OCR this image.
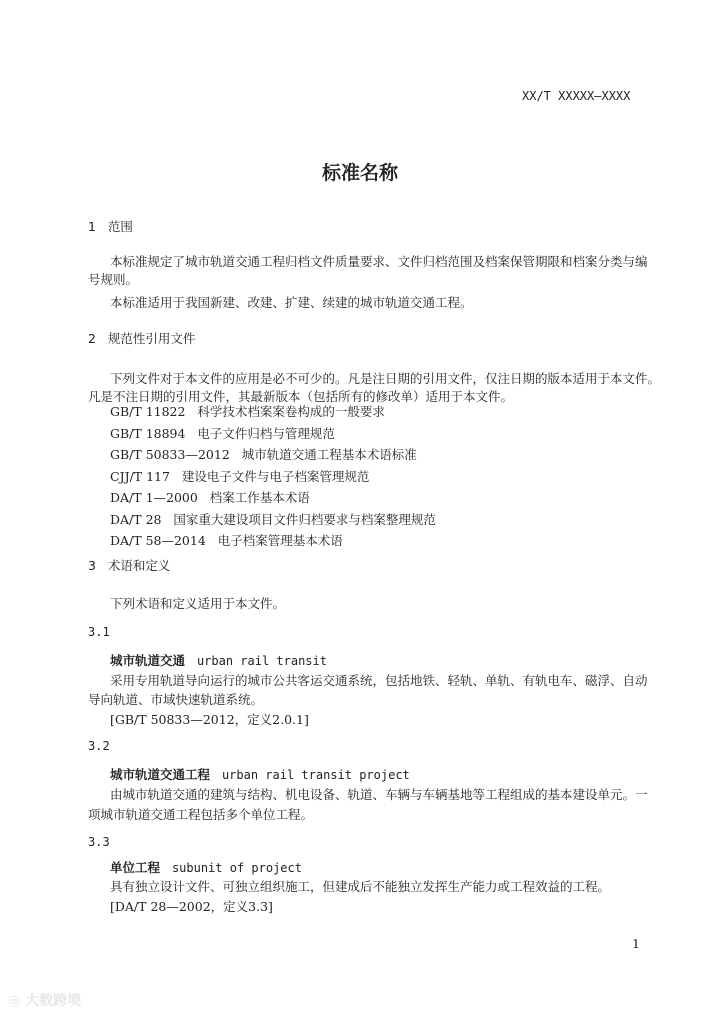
XX/T XXXXX—XXXX
标准名称
1 范围
本标准规定了城市轨道交通工程归档文件质量要求、文件归档范围及档案保管期限和档案分类与编
号规则。
本标准适用于我国新建、改建、扩建、续建的城市轨道交通工程。
2 规范性引用文件
下列文件对于本文件的应用是必不可少的。凡是注日期的引用文件，仅注日期的版本适用于本文件。
凡是不注日期的引用文件，其最新版本（包括所有的修改单）适用于本文件。
GB/T 11822 科学技术档案案卷构成的一般要求
GB/T 18894 电子文件归档与管理规范
GB/T 50833—2012 城市轨道交通工程基本术语标准
CJJ/T 117 建设电子文件与电子档案管理规范
DA/T 1—2000 档案工作基本术语
DA/T 28 国家重大建设项目文件归档要求与档案整理规范
DA/T 58—2014 电子档案管理基本术语
3 术语和定义
下列术语和定义适用于本文件。
3.1
城市轨道交通 urban rail transit
采用专用轨道导向运行的城市公共客运交通系统，包括地铁、轻轨、单轨、有轨电车、磁浮、自动
导向轨道、市域快速轨道系统。
[GB/T 50833—2012，定义2.0.1]
3.2
城市轨道交通工程 urban rail transit project
由城市轨道交通的建筑与结构、机电设备、轨道、车辆与车辆基地等工程组成的基本建设单元。一
项城市轨道交通工程包括多个单位工程。
3.3
单位工程 subunit of project
具有独立设计文件、可独立组织施工，但建成后不能独立发挥生产能力或工程效益的工程。
[DA/T 28—2002，定义3.3]
1
◎ 大数跨境
